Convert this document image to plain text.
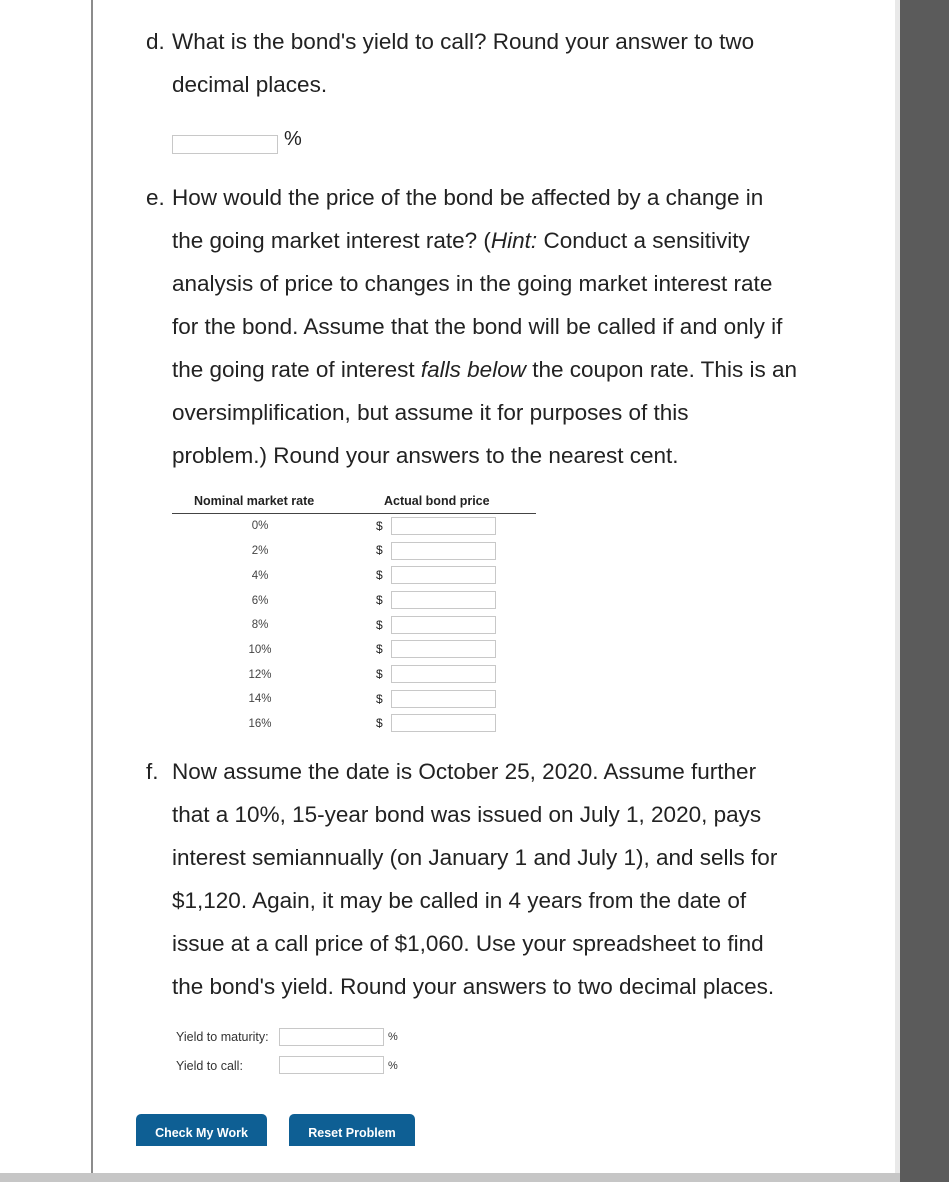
d. What is the bond's yield to call? Round your answer to two
decimal places.
%
e. How would the price of the bond be affected by a change in
the going market interest rate? (Hint: Conduct a sensitivity
analysis of price to changes in the going market interest rate
for the bond. Assume that the bond will be called if and only if
the going rate of interest falls below the coupon rate. This is an
oversimplification, but assume it for purposes of this
problem.) Round your answers to the nearest cent.
Nominal market rate	Actual bond price
0%	$
2%	$
4%	$
6%	$
8%	$
10%	$
12%	$
14%	$
16%	$
f. Now assume the date is October 25, 2020. Assume further
that a 10%, 15-year bond was issued on July 1, 2020, pays
interest semiannually (on January 1 and July 1), and sells for
$1,120. Again, it may be called in 4 years from the date of
issue at a call price of $1,060. Use your spreadsheet to find
the bond's yield. Round your answers to two decimal places.
Yield to maturity:	%
Yield to call:	%
Check My Work	Reset Problem
